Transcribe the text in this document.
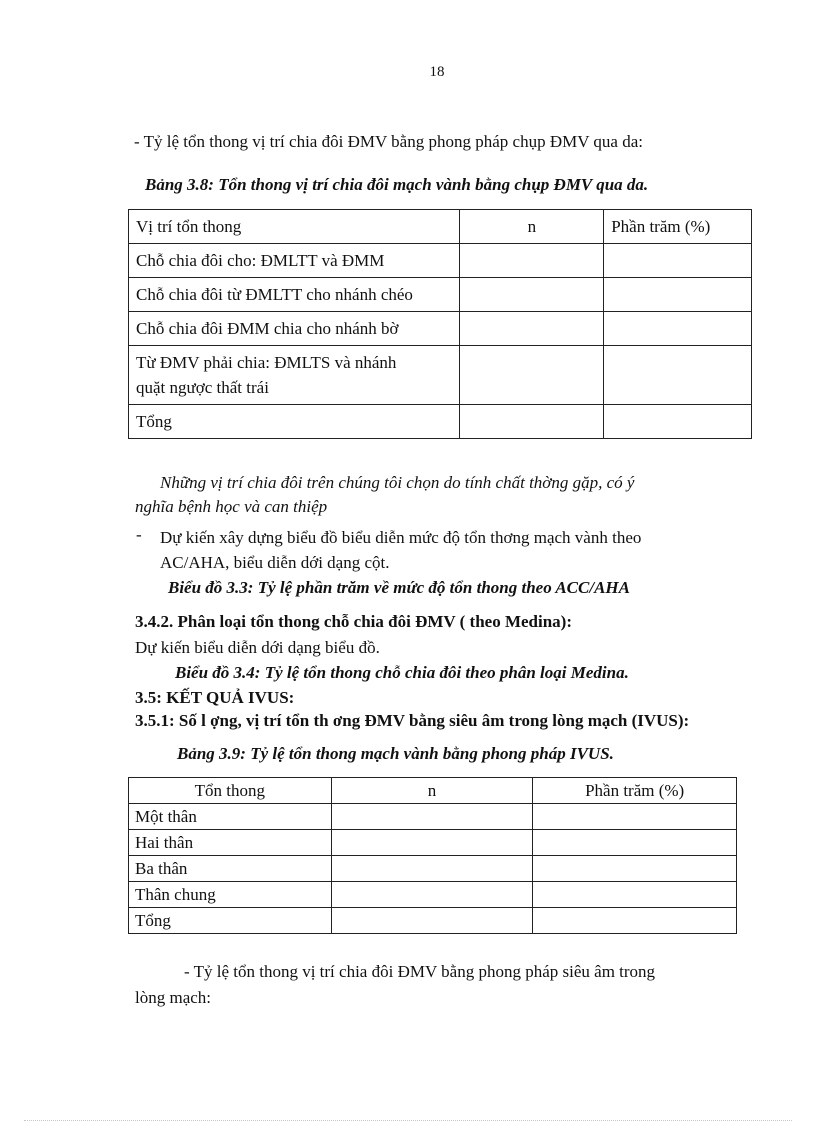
18
- Tỷ lệ tổn thong vị trí chia đôi ĐMV bằng phong pháp chụp ĐMV qua da:
Bảng 3.8: Tổn thong vị trí chia đôi mạch vành bằng chụp ĐMV qua da.
Vị trí tổn thong	n	Phần trăm (%)
Chỗ chia đôi cho: ĐMLTT và ĐMM		
Chỗ chia đôi từ ĐMLTT cho nhánh chéo		
Chỗ chia đôi ĐMM chia cho nhánh bờ		

Từ ĐMV phải chia: ĐMLTS và nhánh
quặt ngược thất trái		

Tổng		
Những vị trí chia đôi trên chúng tôi chọn do tính chất thờng gặp, có ý
nghĩa bệnh học và can thiệp
- Dự kiến xây dựng biểu đồ biểu diễn mức độ tổn thơng mạch vành theo
AC/AHA, biểu diễn dới dạng cột.
Biểu đồ 3.3: Tỷ lệ phần trăm về mức độ tổn thong theo ACC/AHA
3.4.2. Phân loại tổn thong chỗ chia đôi ĐMV ( theo Medina):
Dự kiến biểu diễn dới dạng biểu đồ.
Biểu đồ 3.4: Tỷ lệ tổn thong chỗ chia đôi theo phân loại Medina.
3.5: KẾT QUẢ IVUS:
3.5.1: Số l ợng, vị trí tổn th ơng ĐMV bằng siêu âm trong lòng mạch (IVUS):
Bảng 3.9: Tỷ lệ tổn thong mạch vành bằng phong pháp IVUS.
Tổn thong	n	Phần trăm (%)
Một thân		
Hai thân		
Ba thân		
Thân chung		
Tổng		
- Tỷ lệ tổn thong vị trí chia đôi ĐMV bằng phong pháp siêu âm trong
lòng mạch:
